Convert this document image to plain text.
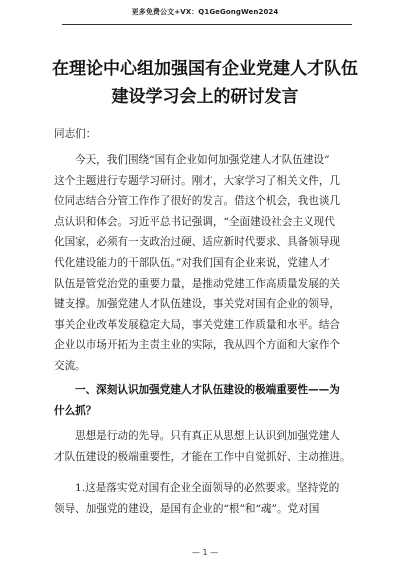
更多免费公文+VX：Q1GeGongWen2024
在理论中心组加强国有企业党建人才队伍
建设学习会上的研讨发言
同志们：
今天，我们围绕“国有企业如何加强党建人才队伍建设”
这个主题进行专题学习研讨。刚才，大家学习了相关文件，几
位同志结合分管工作作了很好的发言。借这个机会，我也谈几
点认识和体会。习近平总书记强调，“全面建设社会主义现代
化国家，必须有一支政治过硬、适应新时代要求、具备领导现
代化建设能力的干部队伍。”对我们国有企业来说，党建人才
队伍是管党治党的重要力量，是推动党建工作高质量发展的关
键支撑。加强党建人才队伍建设，事关党对国有企业的领导，
事关企业改革发展稳定大局，事关党建工作质量和水平。结合
企业以市场开拓为主责主业的实际，我从四个方面和大家作个
交流。
一、深刻认识加强党建人才队伍建设的极端重要性——为
什么抓？
思想是行动的先导。只有真正从思想上认识到加强党建人
才队伍建设的极端重要性，才能在工作中自觉抓好、主动推进。
1.这是落实党对国有企业全面领导的必然要求。坚持党的
领导、加强党的建设，是国有企业的“根”和“魂”。党对国
— 1 —
